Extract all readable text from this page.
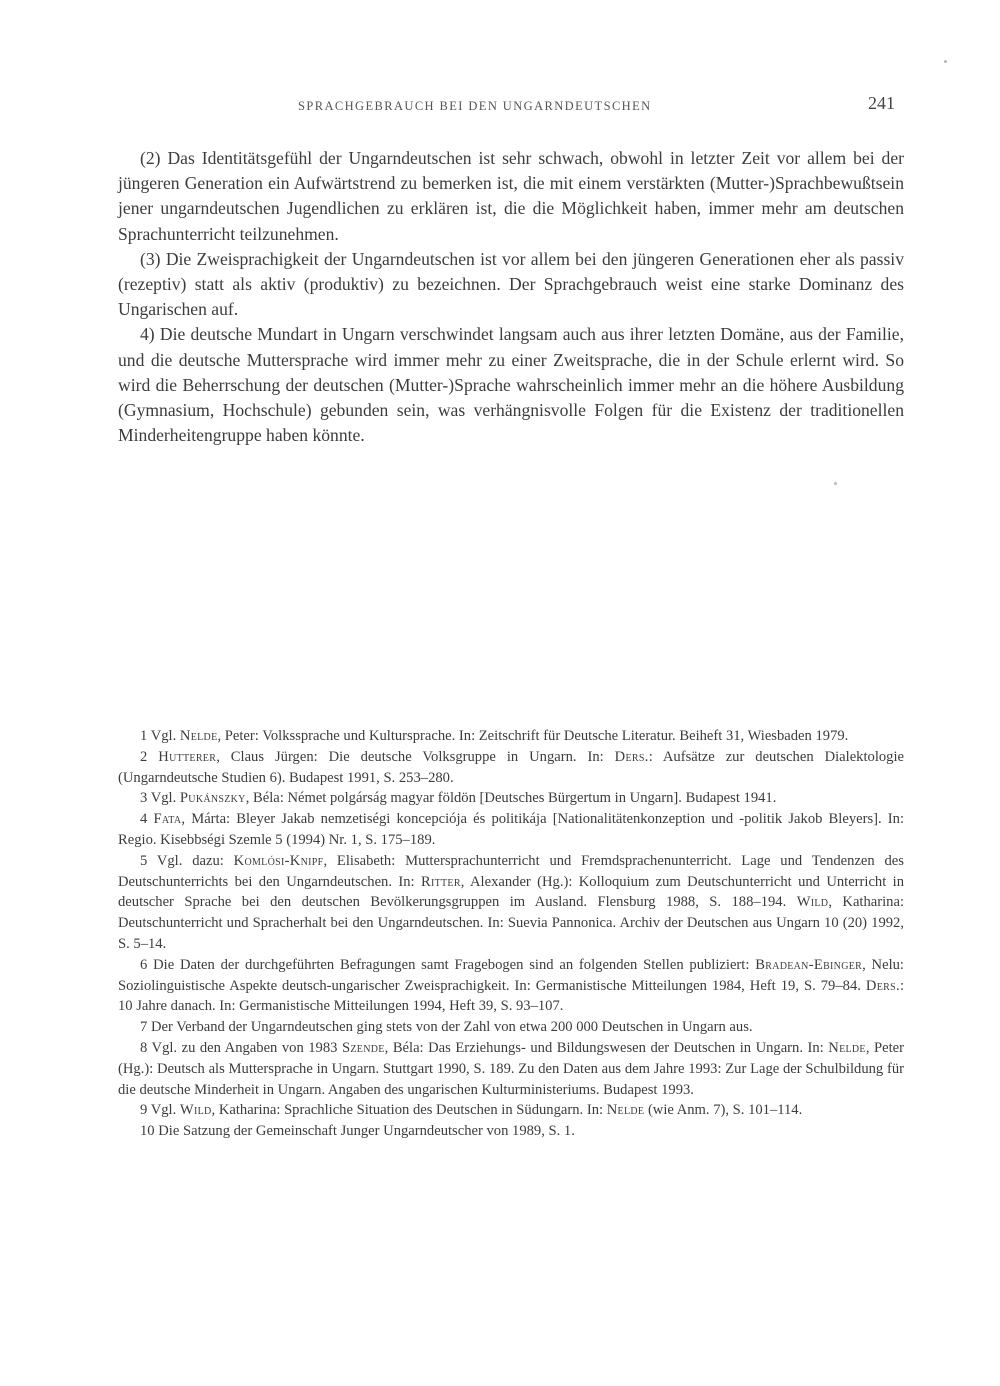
SPRACHGEBRAUCH BEI DEN UNGARNDEUTSCHEN	241

(2) Das Identitätsgefühl der Ungarndeutschen ist sehr schwach, obwohl in letzter Zeit vor allem bei der jüngeren Generation ein Aufwärtstrend zu bemerken ist, die mit einem verstärkten (Mutter-)Sprachbewußtsein jener ungarndeutschen Jugendlichen zu erklären ist, die die Möglichkeit haben, immer mehr am deutschen Sprachunterricht teilzunehmen.

(3) Die Zweisprachigkeit der Ungarndeutschen ist vor allem bei den jüngeren Generationen eher als passiv (rezeptiv) statt als aktiv (produktiv) zu bezeichnen. Der Sprachgebrauch weist eine starke Dominanz des Ungarischen auf.

4) Die deutsche Mundart in Ungarn verschwindet langsam auch aus ihrer letzten Domäne, aus der Familie, und die deutsche Muttersprache wird immer mehr zu einer Zweitsprache, die in der Schule erlernt wird. So wird die Beherrschung der deutschen (Mutter-)Sprache wahrscheinlich immer mehr an die höhere Ausbildung (Gymnasium, Hochschule) gebunden sein, was verhängnisvolle Folgen für die Existenz der traditionellen Minderheitengruppe haben könnte.

1 Vgl. Nelde, Peter: Volkssprache und Kultursprache. In: Zeitschrift für Deutsche Literatur. Beiheft 31, Wiesbaden 1979.

2 Hutterer, Claus Jürgen: Die deutsche Volksgruppe in Ungarn. In: Ders.: Aufsätze zur deutschen Dialektologie (Ungarndeutsche Studien 6). Budapest 1991, S. 253–280.

3 Vgl. Pukánszky, Béla: Német polgárság magyar földön [Deutsches Bürgertum in Ungarn]. Budapest 1941.

4 Fata, Márta: Bleyer Jakab nemzetiségi koncepciója és politikája [Nationalitätenkonzeption und -politik Jakob Bleyers]. In: Regio. Kisebbségi Szemle 5 (1994) Nr. 1, S. 175–189.

5 Vgl. dazu: Komlósi-Knipf, Elisabeth: Muttersprachunterricht und Fremdsprachenunterricht. Lage und Tendenzen des Deutschunterrichts bei den Ungarndeutschen. In: Ritter, Alexander (Hg.): Kolloquium zum Deutschunterricht und Unterricht in deutscher Sprache bei den deutschen Bevölkerungsgruppen im Ausland. Flensburg 1988, S. 188–194. Wild, Katharina: Deutschunterricht und Spracherhalt bei den Ungarndeutschen. In: Suevia Pannonica. Archiv der Deutschen aus Ungarn 10 (20) 1992, S. 5–14.

6 Die Daten der durchgeführten Befragungen samt Fragebogen sind an folgenden Stellen publiziert: Bradean-Ebinger, Nelu: Soziolinguistische Aspekte deutsch-ungarischer Zweisprachigkeit. In: Germanistische Mitteilungen 1984, Heft 19, S. 79–84. Ders.: 10 Jahre danach. In: Germanistische Mitteilungen 1994, Heft 39, S. 93–107.

7 Der Verband der Ungarndeutschen ging stets von der Zahl von etwa 200 000 Deutschen in Ungarn aus.

8 Vgl. zu den Angaben von 1983 Szende, Béla: Das Erziehungs- und Bildungswesen der Deutschen in Ungarn. In: Nelde, Peter (Hg.): Deutsch als Muttersprache in Ungarn. Stuttgart 1990, S. 189. Zu den Daten aus dem Jahre 1993: Zur Lage der Schulbildung für die deutsche Minderheit in Ungarn. Angaben des ungarischen Kulturministeriums. Budapest 1993.

9 Vgl. Wild, Katharina: Sprachliche Situation des Deutschen in Südungarn. In: Nelde (wie Anm. 7), S. 101–114.

10 Die Satzung der Gemeinschaft Junger Ungarndeutscher von 1989, S. 1.
